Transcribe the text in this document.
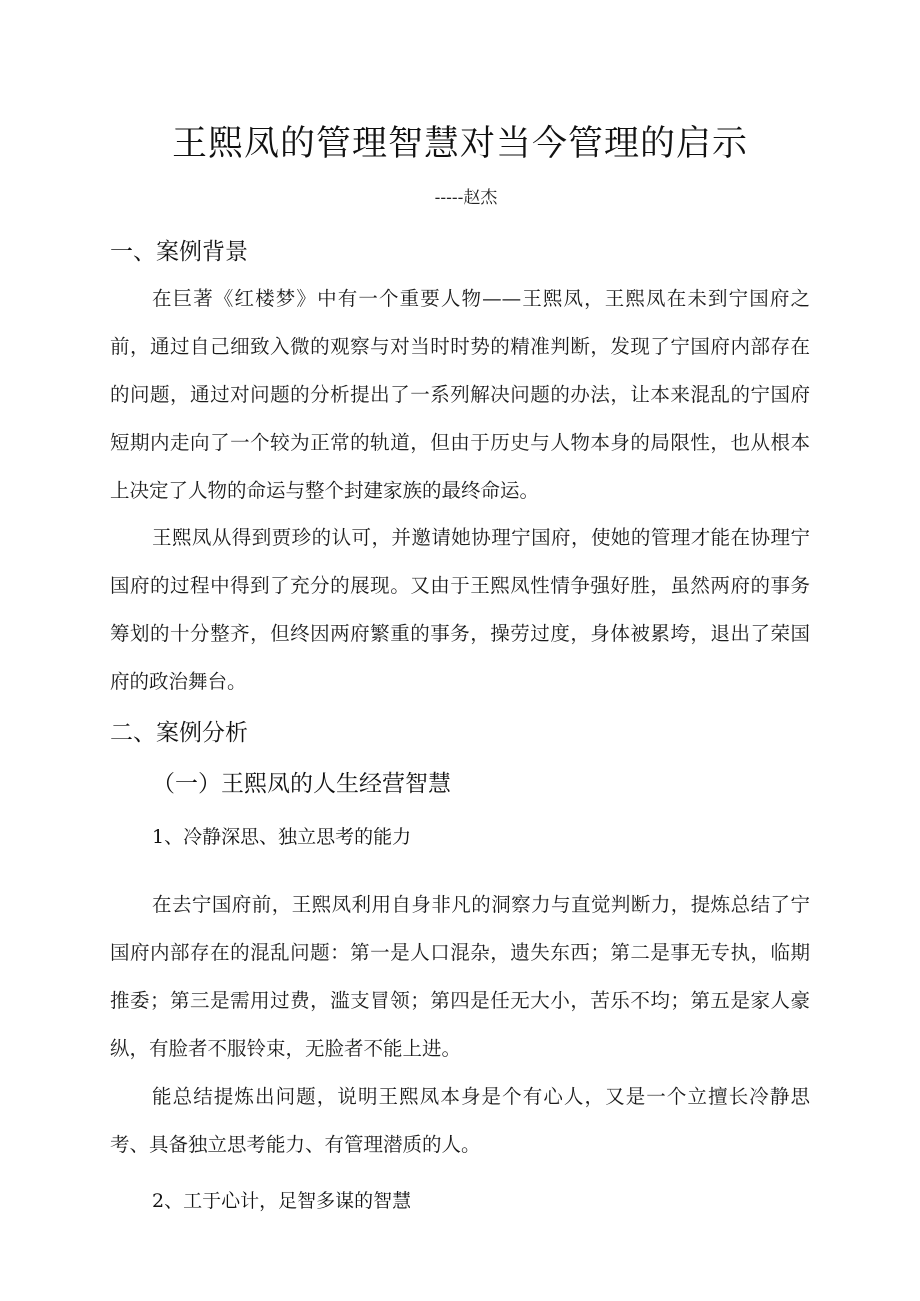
王熙凤的管理智慧对当今管理的启示
-----赵杰
一、案例背景

在巨著《红楼梦》中有一个重要人物——王熙凤，王熙凤在未到宁国府之前，通过自己细致入微的观察与对当时时势的精准判断，发现了宁国府内部存在的问题，通过对问题的分析提出了一系列解决问题的办法，让本来混乱的宁国府短期内走向了一个较为正常的轨道，但由于历史与人物本身的局限性，也从根本上决定了人物的命运与整个封建家族的最终命运。

王熙凤从得到贾珍的认可，并邀请她协理宁国府，使她的管理才能在协理宁国府的过程中得到了充分的展现。又由于王熙凤性情争强好胜，虽然两府的事务筹划的十分整齐，但终因两府繁重的事务，操劳过度，身体被累垮，退出了荣国府的政治舞台。

二、案例分析
（一）王熙凤的人生经营智慧
1、冷静深思、独立思考的能力

在去宁国府前，王熙凤利用自身非凡的洞察力与直觉判断力，提炼总结了宁国府内部存在的混乱问题：第一是人口混杂，遗失东西；第二是事无专执，临期推委；第三是需用过费，滥支冒领；第四是任无大小，苦乐不均；第五是家人豪纵，有脸者不服铃束，无脸者不能上进。

能总结提炼出问题，说明王熙凤本身是个有心人，又是一个立擅长冷静思考、具备独立思考能力、有管理潜质的人。

2、工于心计，足智多谋的智慧
